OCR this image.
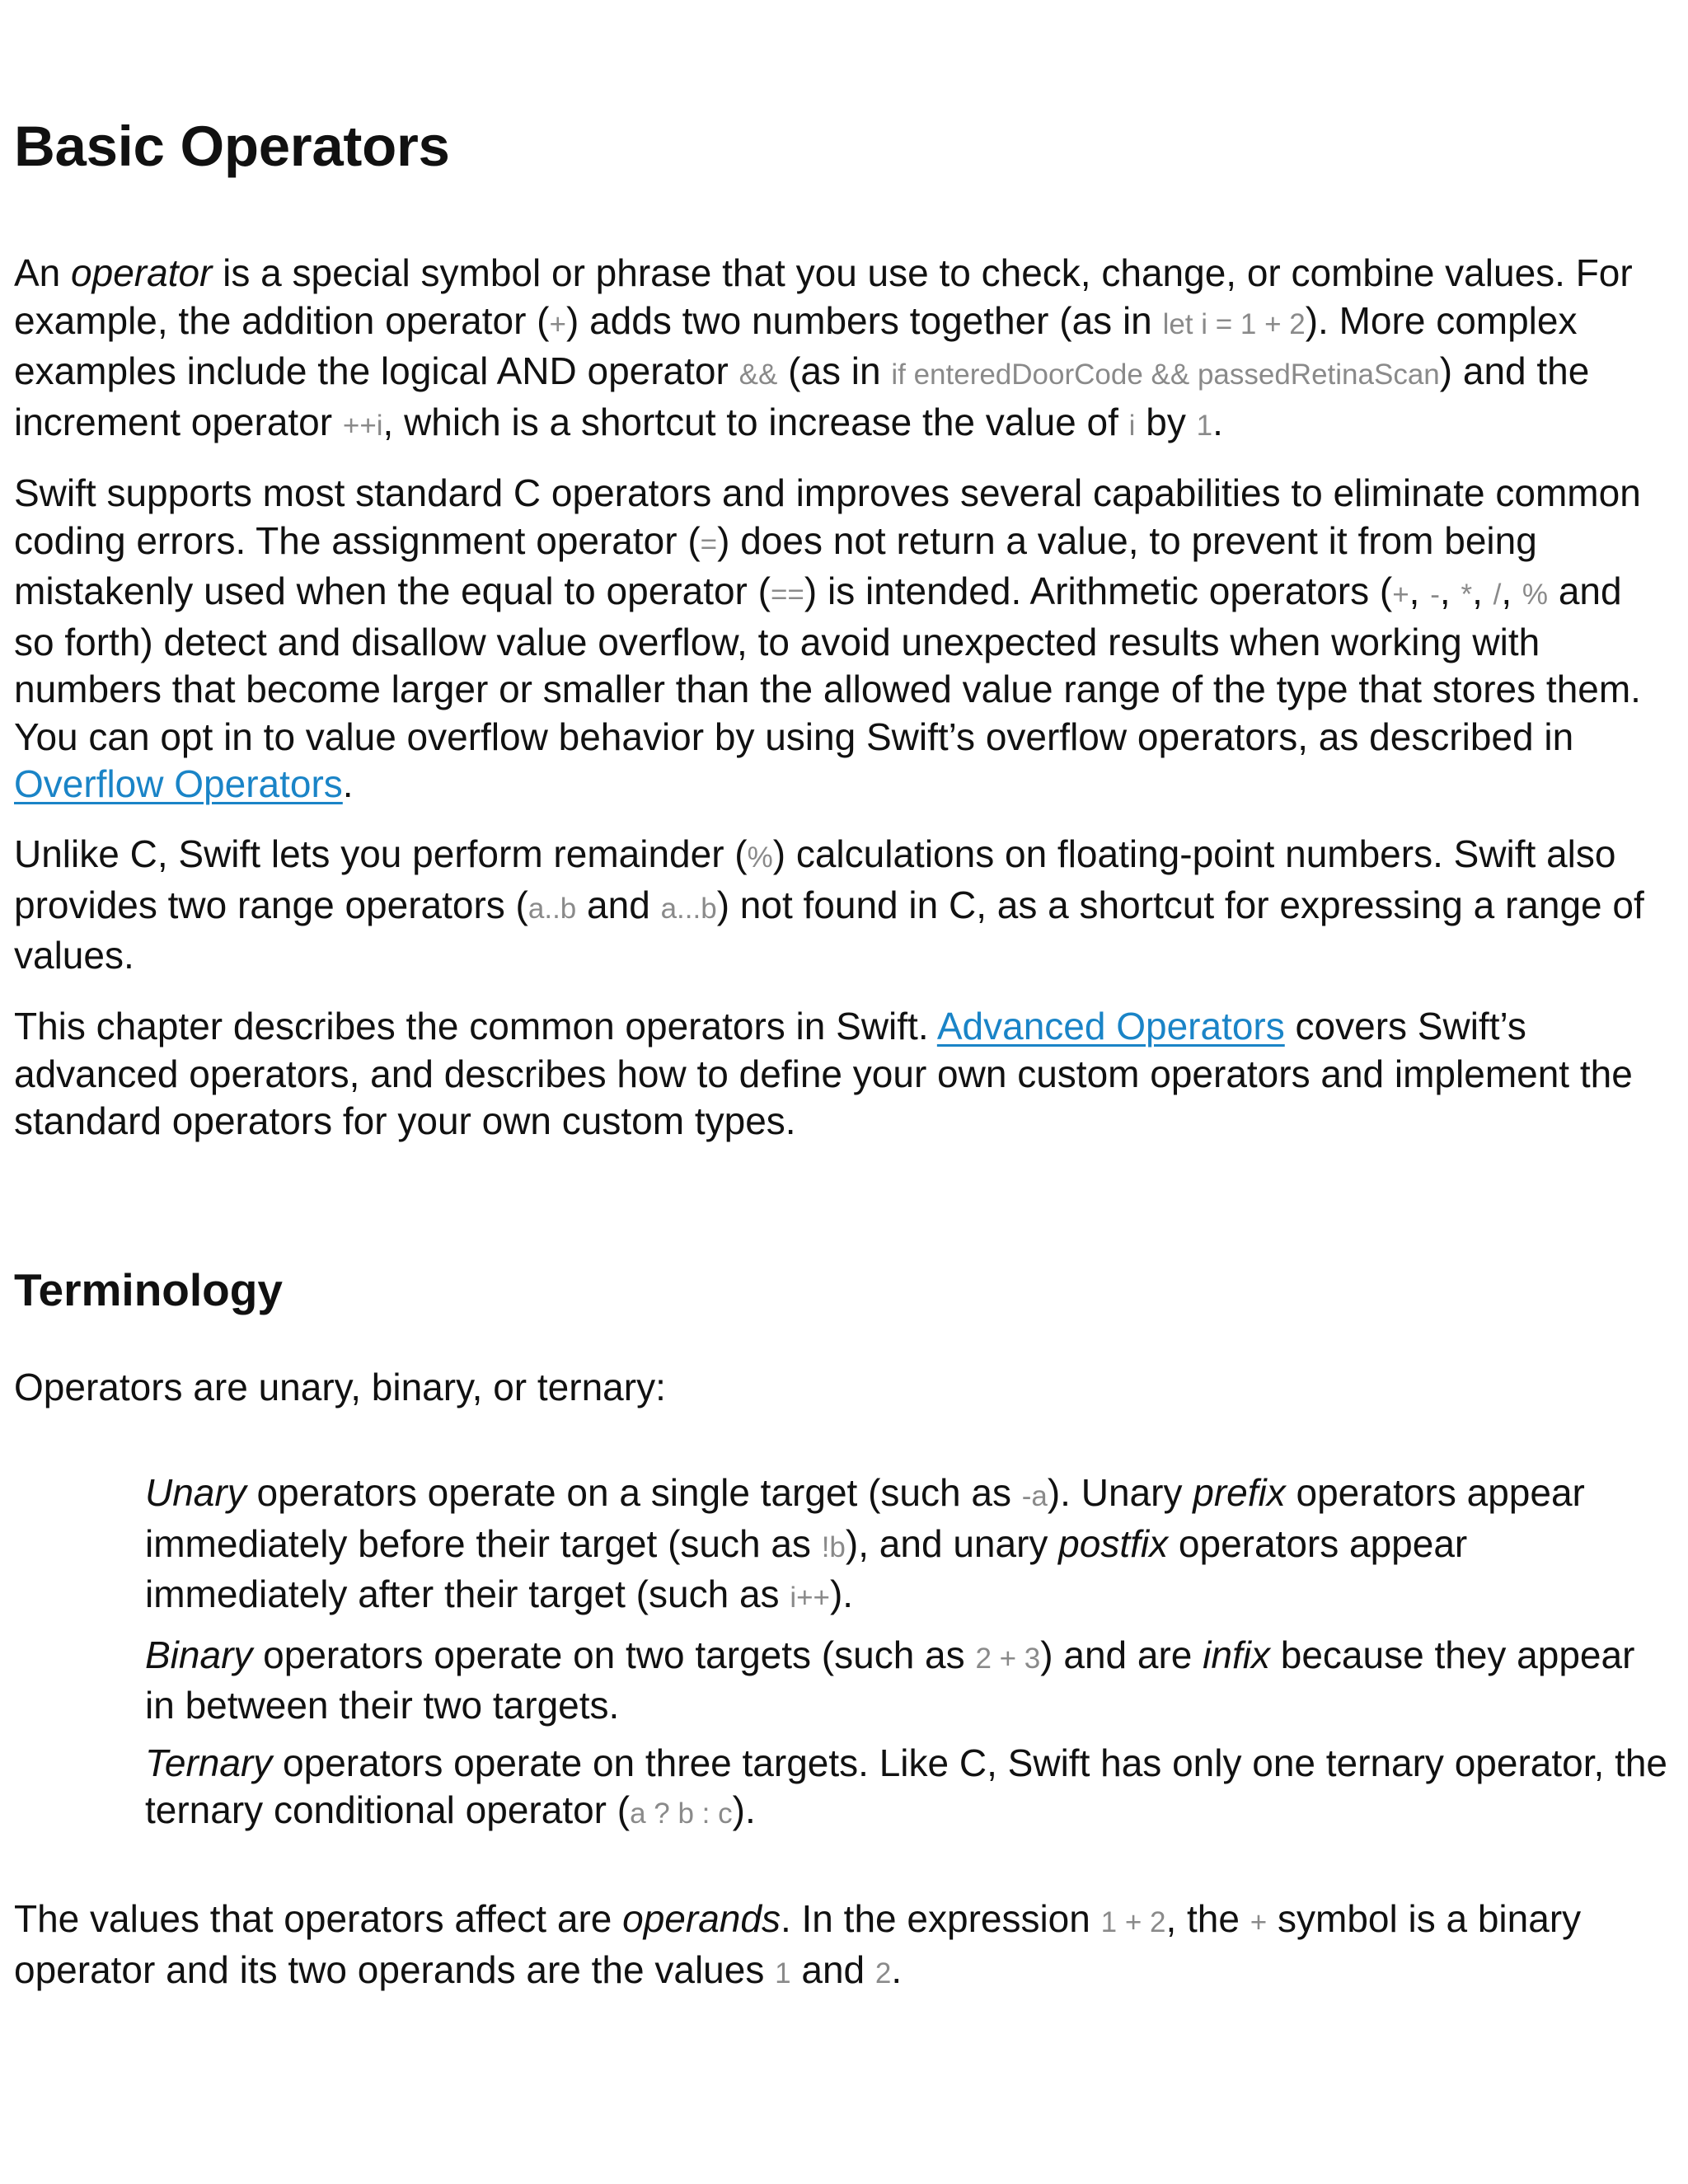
Basic Operators

An operator is a special symbol or phrase that you use to check, change, or combine values. For example, the addition operator (+) adds two numbers together (as in let i = 1 + 2). More complex examples include the logical AND operator && (as in if enteredDoorCode && passedRetinaScan) and the increment operator ++i, which is a shortcut to increase the value of i by 1.

Swift supports most standard C operators and improves several capabilities to eliminate common coding errors. The assignment operator (=) does not return a value, to prevent it from being mistakenly used when the equal to operator (==) is intended. Arithmetic operators (+, -, *, /, % and so forth) detect and disallow value overflow, to avoid unexpected results when working with numbers that become larger or smaller than the allowed value range of the type that stores them. You can opt in to value overflow behavior by using Swift’s overflow operators, as described in Overflow Operators.

Unlike C, Swift lets you perform remainder (%) calculations on floating-point numbers. Swift also provides two range operators (a..b and a...b) not found in C, as a shortcut for expressing a range of values.

This chapter describes the common operators in Swift. Advanced Operators covers Swift’s advanced operators, and describes how to define your own custom operators and implement the standard operators for your own custom types.

Terminology

Operators are unary, binary, or ternary:

Unary operators operate on a single target (such as -a). Unary prefix operators appear immediately before their target (such as !b), and unary postfix operators appear immediately after their target (such as i++).
Binary operators operate on two targets (such as 2 + 3) and are infix because they appear in between their two targets.
Ternary operators operate on three targets. Like C, Swift has only one ternary operator, the ternary conditional operator (a ? b : c).

The values that operators affect are operands. In the expression 1 + 2, the + symbol is a binary operator and its two operands are the values 1 and 2.
